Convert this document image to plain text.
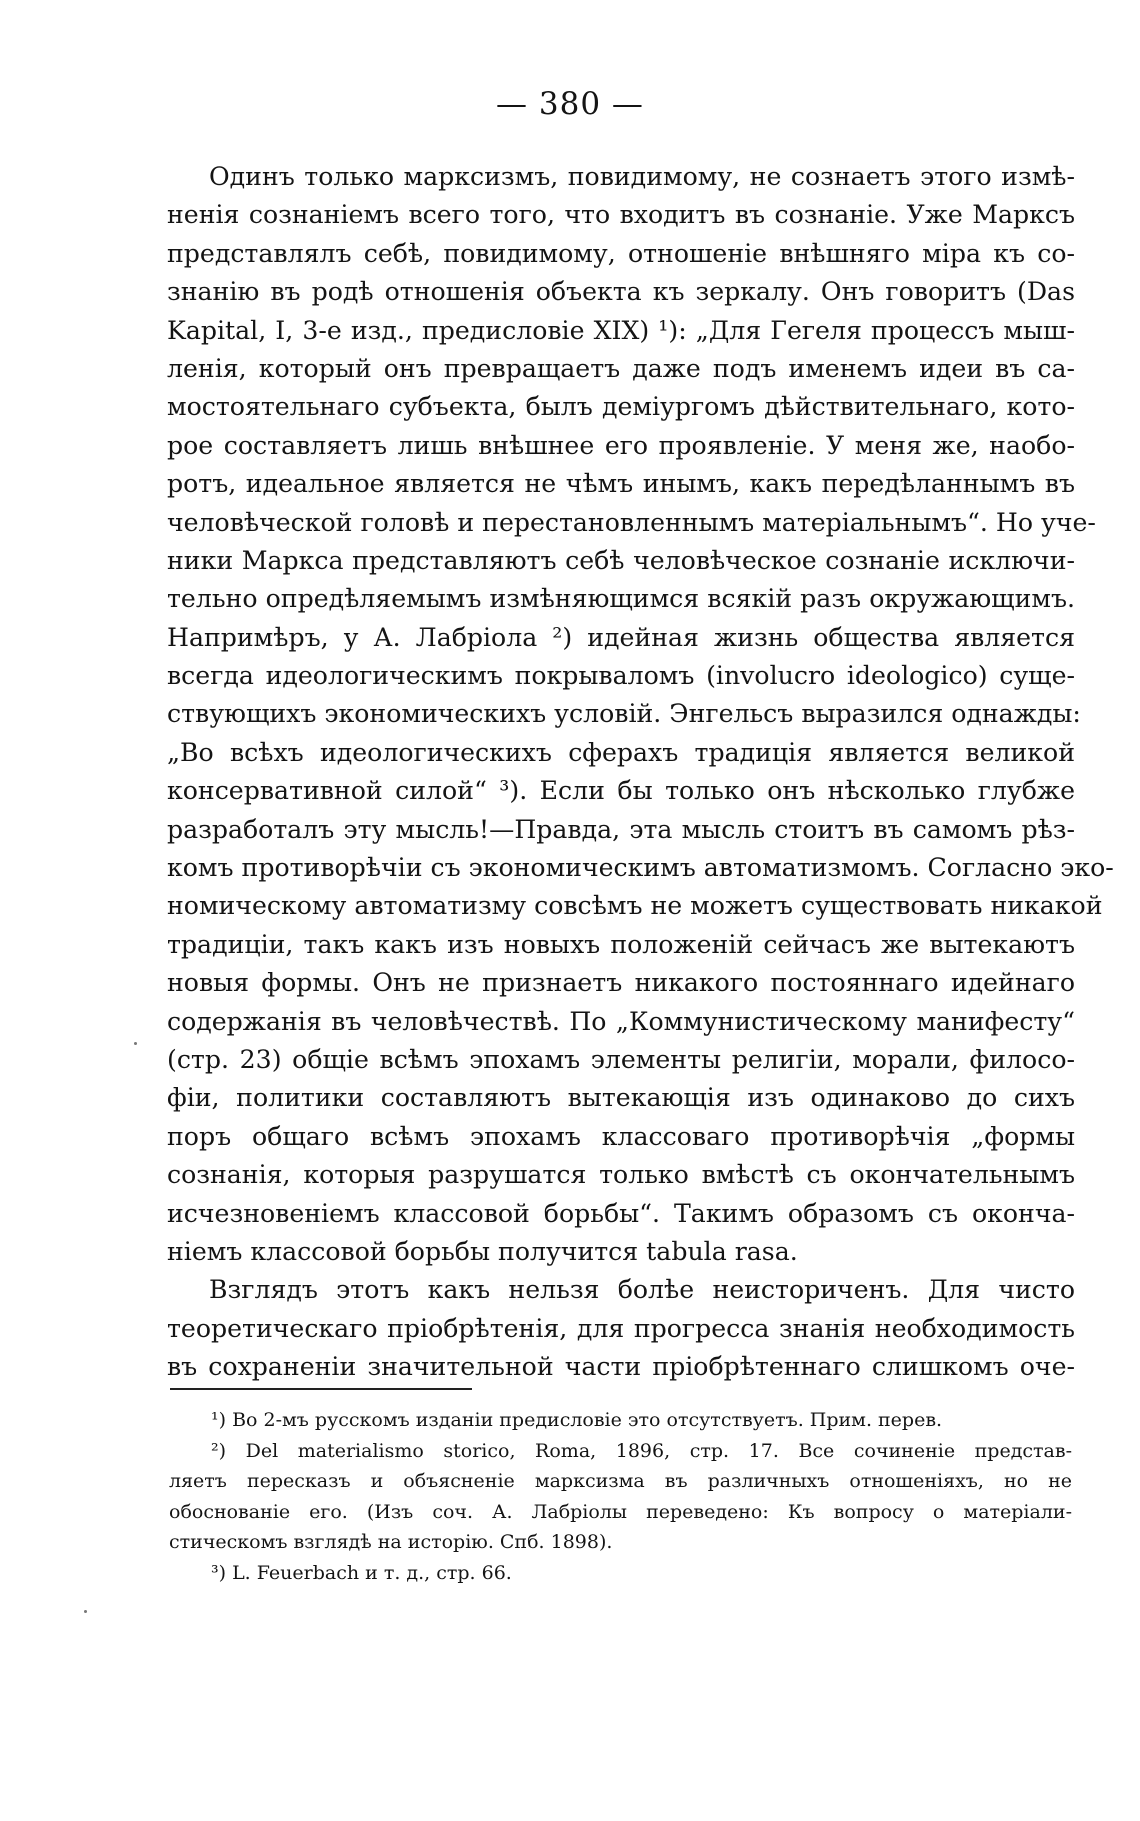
— 380 —
Одинъ только марксизмъ, повидимому, не сознаетъ этого измѣ-
ненія сознаніемъ всего того, что входитъ въ сознаніе. Уже Марксъ
представлялъ себѣ, повидимому, отношеніе внѣшняго міра къ со-
знанію въ родѣ отношенія объекта къ зеркалу. Онъ говоритъ (Das
Kapital, I, 3-е изд., предисловіе XIX) ¹): „Для Гегеля процессъ мыш-
ленія, который онъ превращаетъ даже подъ именемъ идеи въ са-
мостоятельнаго субъекта, былъ деміургомъ дѣйствительнаго, кото-
рое составляетъ лишь внѣшнее его проявленіе. У меня же, наобо-
ротъ, идеальное является не чѣмъ инымъ, какъ передѣланнымъ въ
человѣческой головѣ и перестановленнымъ матеріальнымъ“. Но уче-
ники Маркса представляютъ себѣ человѣческое сознаніе исключи-
тельно опредѣляемымъ измѣняющимся всякій разъ окружающимъ.
Напримѣръ, у А. Лабріола ²) идейная жизнь общества является
всегда идеологическимъ покрываломъ (involucro ideologico) суще-
ствующихъ экономическихъ условій. Энгельсъ выразился однажды:
„Во всѣхъ идеологическихъ сферахъ традиція является великой
консервативной силой“ ³). Если бы только онъ нѣсколько глубже
разработалъ эту мысль!—Правда, эта мысль стоитъ въ самомъ рѣз-
комъ противорѣчіи съ экономическимъ автоматизмомъ. Согласно эко-
номическому автоматизму совсѣмъ не можетъ существовать никакой
традиціи, такъ какъ изъ новыхъ положеній сейчасъ же вытекаютъ
новыя формы. Онъ не признаетъ никакого постояннаго идейнаго
содержанія въ человѣчествѣ. По „Коммунистическому манифесту“
(стр. 23) общіе всѣмъ эпохамъ элементы религіи, морали, филосо-
фіи, политики составляютъ вытекающія изъ одинаково до сихъ
поръ общаго всѣмъ эпохамъ классоваго противорѣчія „формы
сознанія, которыя разрушатся только вмѣстѣ съ окончательнымъ
исчезновеніемъ классовой борьбы“. Такимъ образомъ съ оконча-
ніемъ классовой борьбы получится tabula rasa.
Взглядъ этотъ какъ нельзя болѣе неисториченъ. Для чисто
теоретическаго пріобрѣтенія, для прогресса знанія необходимость
въ сохраненіи значительной части пріобрѣтеннаго слишкомъ оче-
¹) Во 2-мъ русскомъ изданіи предисловіе это отсутствуетъ. Прим. перев.
²) Del materialismo storico, Roma, 1896, стр. 17. Все сочиненіе представ-
ляетъ пересказъ и объясненіе марксизма въ различныхъ отношеніяхъ, но не
обоснованіе его. (Изъ соч. А. Лабріолы переведено: Къ вопросу о матеріали-
стическомъ взглядѣ на исторію. Спб. 1898).
³) L. Feuerbach и т. д., стр. 66.
